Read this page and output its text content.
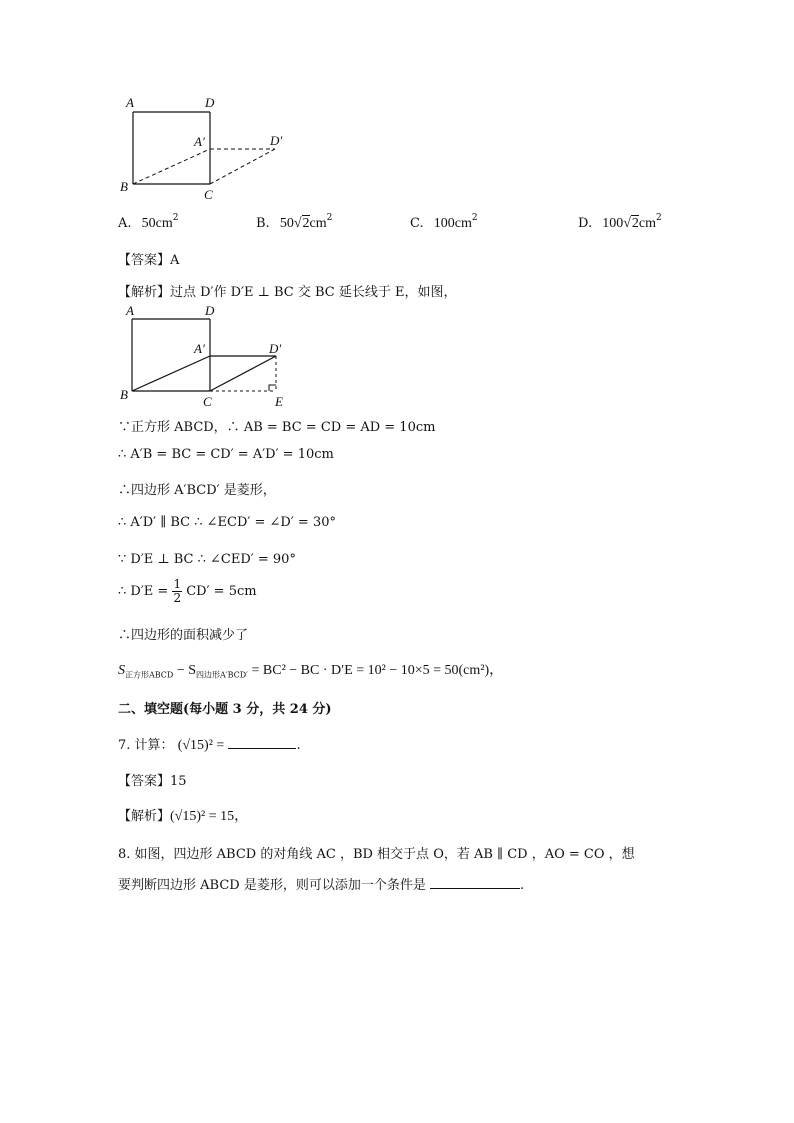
A	D
A′	D′
B
C
A. $50cm^2$	B. $50√2cm^2$	C. $100cm^2$	D. $100√2cm^2$
【答案】A
【解析】过点 D′作 D′E ⊥ BC 交 BC 延长线于 E，如图，
A	D
A′	D′
B	C	E
∵正方形 ABCD，∴ AB = BC = CD = AD = 10cm
∴ A′B = BC = CD′ = A′D′ = 10cm
∴四边形 A′BCD′ 是菱形，
∴ A′D′ ∥ BC ∴ ∠ECD′ = ∠D′ = 30°
∵ D′E ⊥ BC ∴ ∠CED′ = 90°
∴ $D'E = \frac{1}{2} CD' = 5cm$
∴四边形的面积减少了
$S_{正方形ABCD} - S_{四边形A'BCD'} = BC^2$ − BC · D′E = 10² − 10×5 = 50(cm²)，
二、填空题(每小题 3 分，共 24 分)
7. 计算： (√15)² =	.
【答案】15
【解析】(√15)² = 15，
8. 如图，四边形 ABCD 的对角线 AC ，BD 相交于点 O，若 AB ∥ CD ，AO = CO ，想
要判断四边形 ABCD 是菱形，则可以添加一个条件是	.
